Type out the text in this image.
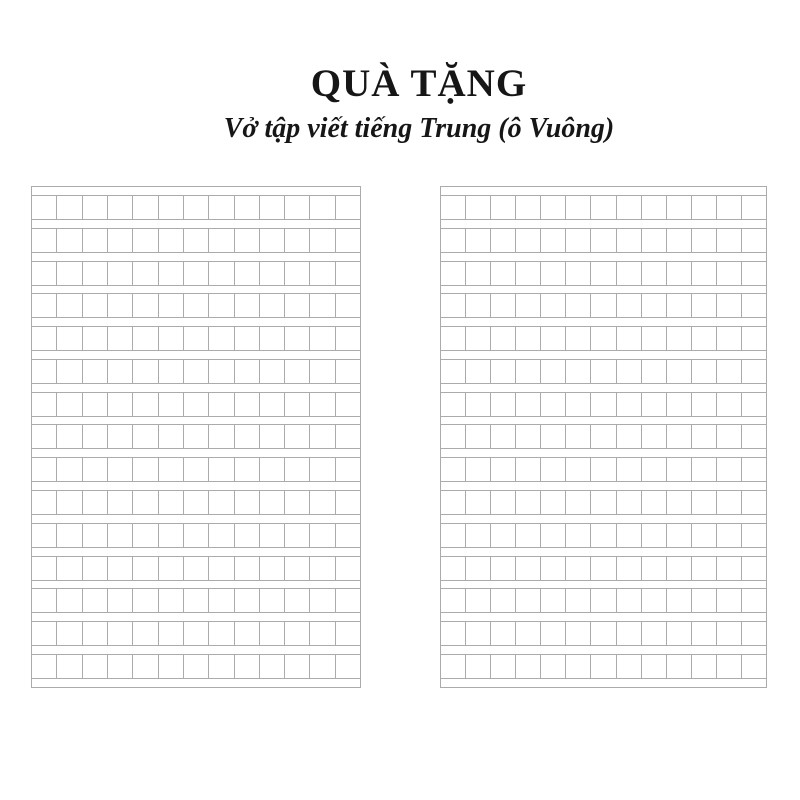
QUÀ TẶNG
Vở tập viết tiếng Trung (ô Vuông)
